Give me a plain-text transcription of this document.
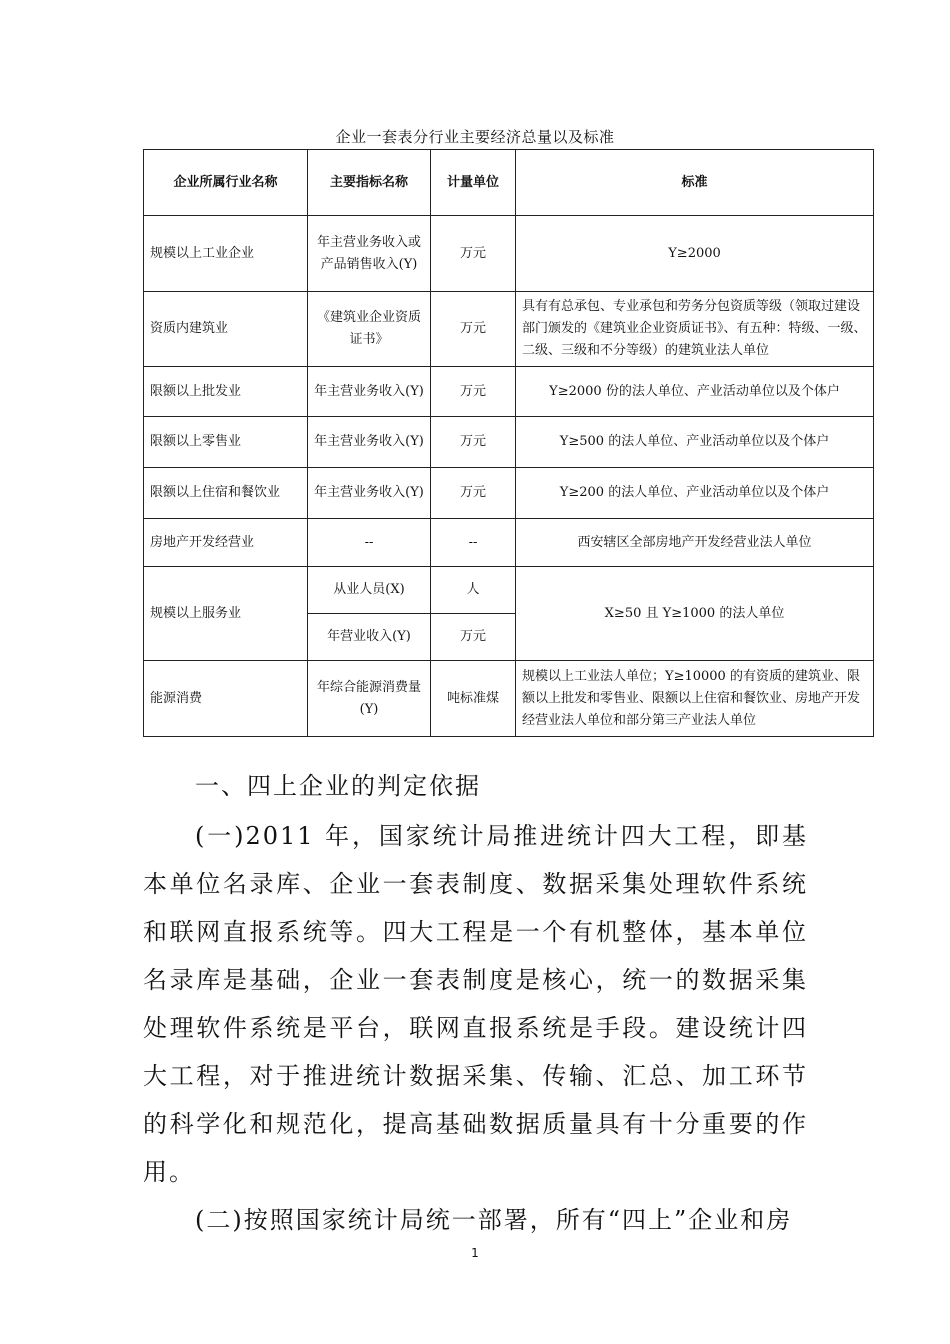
企业一套表分行业主要经济总量以及标准
企业所属行业名称	主要指标名称	计量单位	标准
规模以上工业企业	年主营业务收入或产品销售收入(Y)	万元	Y≥2000
资质内建筑业	《建筑业企业资质证书》	万元	具有有总承包、专业承包和劳务分包资质等级（领取过建设部门颁发的《建筑业企业资质证书》、有五种：特级、一级、二级、三级和不分等级）的建筑业法人单位
限额以上批发业	年主营业务收入(Y)	万元	Y≥2000 份的法人单位、产业活动单位以及个体户
限额以上零售业	年主营业务收入(Y)	万元	Y≥500 的法人单位、产业活动单位以及个体户
限额以上住宿和餐饮业	年主营业务收入(Y)	万元	Y≥200 的法人单位、产业活动单位以及个体户
房地产开发经营业	--	--	西安辖区全部房地产开发经营业法人单位
规模以上服务业	从业人员(X)	人	X≥50 且 Y≥1000 的法人单位
	年营业收入(Y)	万元	
能源消费	年综合能源消费量(Y)	吨标准煤	规模以上工业法人单位；Y≥10000 的有资质的建筑业、限额以上批发和零售业、限额以上住宿和餐饮业、房地产开发经营业法人单位和部分第三产业法人单位
一、四上企业的判定依据

(一)2011 年，国家统计局推进统计四大工程，即基本单位名录库、企业一套表制度、数据采集处理软件系统和联网直报系统等。四大工程是一个有机整体，基本单位名录库是基础，企业一套表制度是核心，统一的数据采集处理软件系统是平台，联网直报系统是手段。建设统计四大工程，对于推进统计数据采集、传输、汇总、加工环节的科学化和规范化，提高基础数据质量具有十分重要的作用。

(二)按照国家统计局统一部署，所有“四上”企业和房

1
